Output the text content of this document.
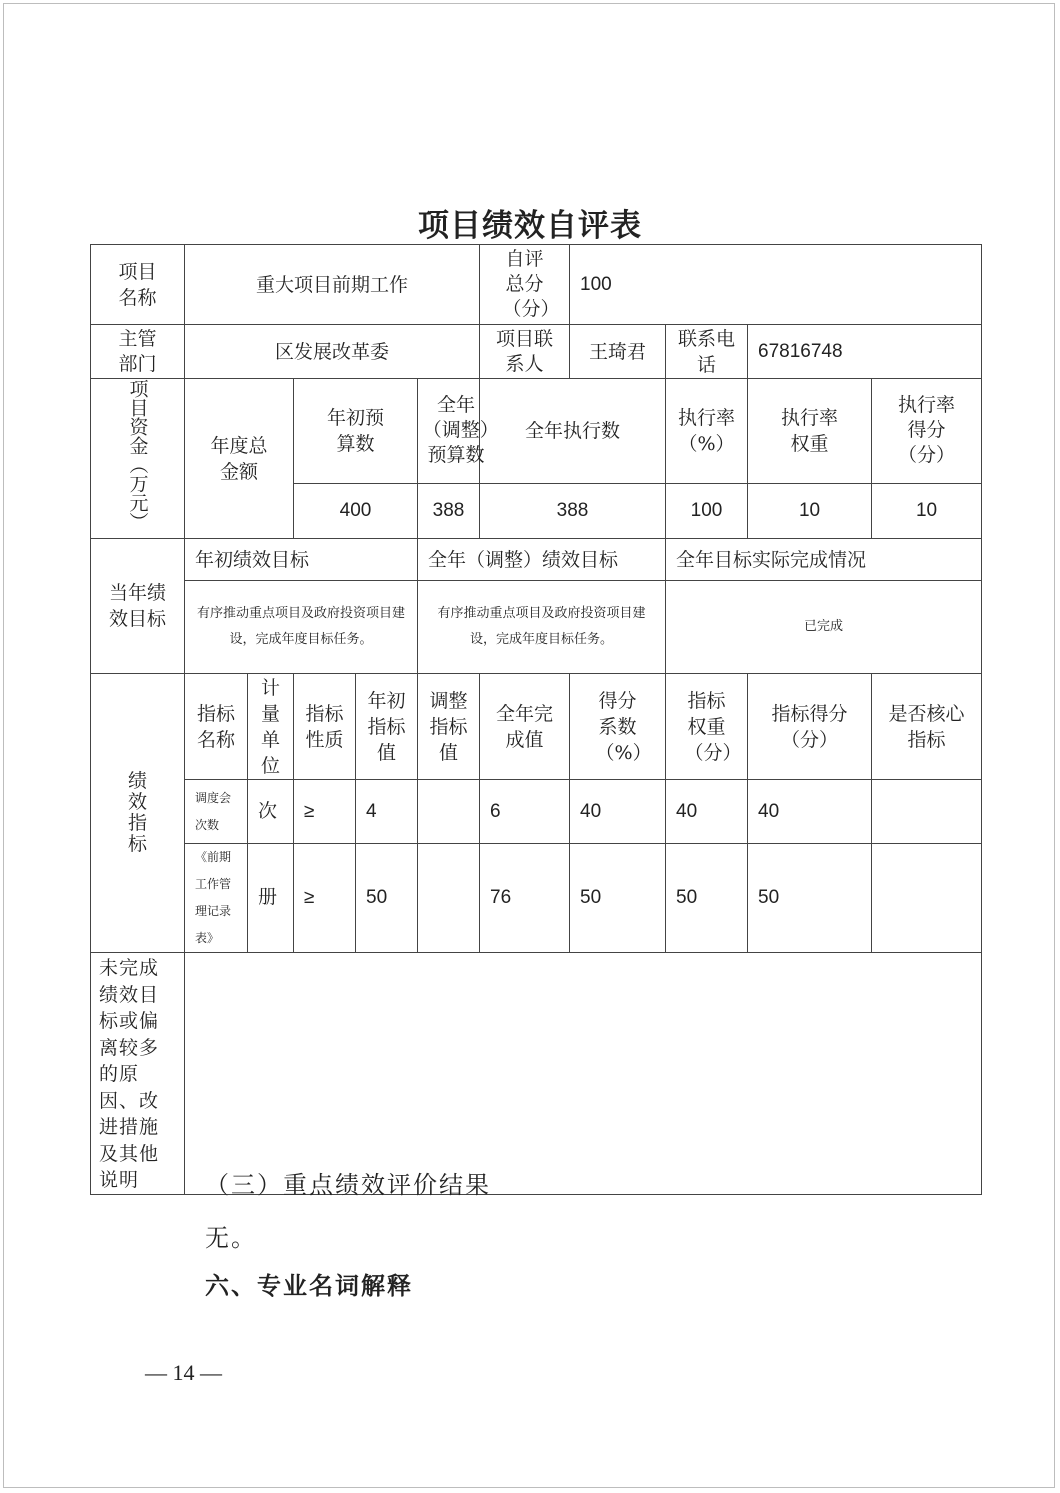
项目绩效自评表
项目名称	重大项目前期工作					自评总分（分）	100			

主管部门	区发展改革委					项目联系人	王琦君	联系电话	67816748	
项目资金（万元）	年度总金额		年初预算数		全年（调整）预算数	全年执行数		执行率（%）	执行率权重	执行率得分（分）

			400		388	388		100	10	10

当年绩效目标	年初绩效目标				全年（调整）绩效目标			全年目标实际完成情况		

	有序推动重点项目及政府投资项目建设，完成年度目标任务。				有序推动重点项目及政府投资项目建设，完成年度目标任务。			已完成		

绩效指标	指标名称	计量单位	指标性质	年初指标值	调整指标值	全年完成值	得分系数（%）	指标权重（分）	指标得分（分）	是否核心指标

	调度会次数	次	≥	4		6	40	40	40	

	《前期工作管理记录表》	册	≥	50		76	50	50	50	

未完成绩效目标或偏离较多的原因、改进措施及其他说明										
		（三）重点绩效评价结果
无。
六、专业名词解释
— 14 —
